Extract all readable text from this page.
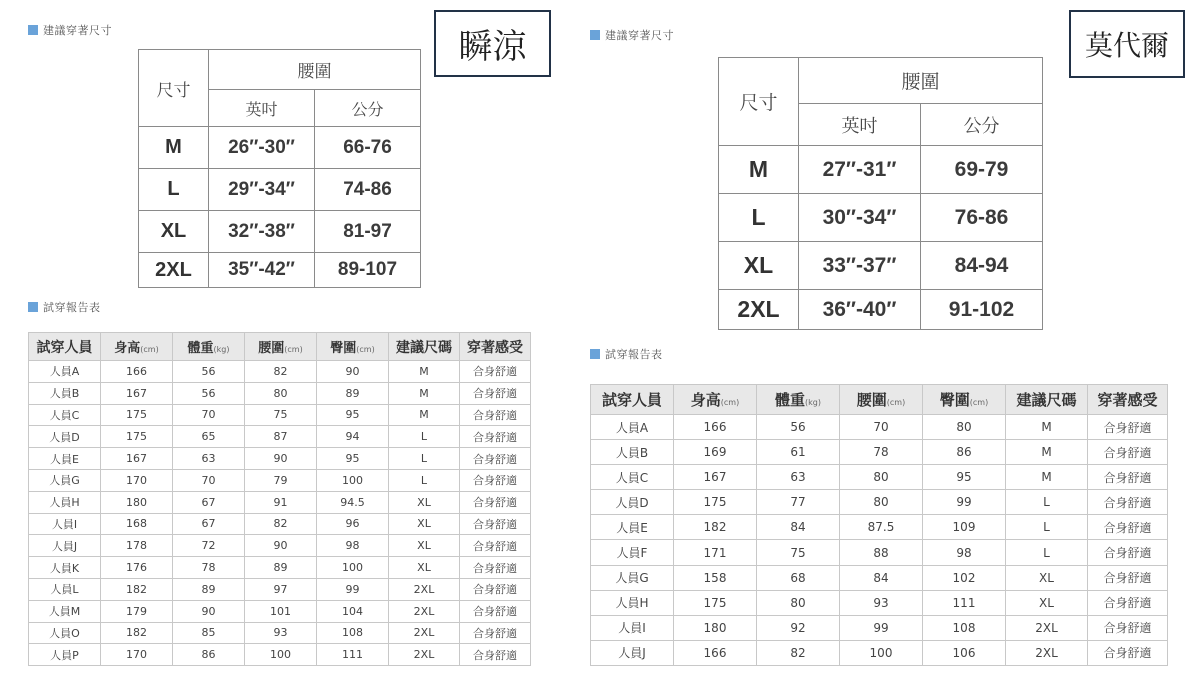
建議穿著尺寸	瞬涼
尺寸	腰圍	
	英吋	公分
M	26″-30″	66-76
L	29″-34″	74-86
XL	32″-38″	81-97
2XL	35″-42″	89-107
試穿報告表
試穿人員	身高(cm)	體重(kg)	腰圍(cm)	臀圍(cm)	建議尺碼	穿著感受
人員A	166	56	82	90	M	合身舒適
人員B	167	56	80	89	M	合身舒適
人員C	175	70	75	95	M	合身舒適
人員D	175	65	87	94	L	合身舒適
人員E	167	63	90	95	L	合身舒適
人員G	170	70	79	100	L	合身舒適
人員H	180	67	91	94.5	XL	合身舒適
人員I	168	67	82	96	XL	合身舒適
人員J	178	72	90	98	XL	合身舒適
人員K	176	78	89	100	XL	合身舒適
人員L	182	89	97	99	2XL	合身舒適
人員M	179	90	101	104	2XL	合身舒適
人員O	182	85	93	108	2XL	合身舒適
人員P	170	86	100	111	2XL	合身舒適
建議穿著尺寸	莫代爾
尺寸	腰圍	
	英吋	公分
M	27″-31″	69-79
L	30″-34″	76-86
XL	33″-37″	84-94
2XL	36″-40″	91-102
試穿報告表
試穿人員	身高(cm)	體重(kg)	腰圍(cm)	臀圍(cm)	建議尺碼	穿著感受
人員A	166	56	70	80	M	合身舒適
人員B	169	61	78	86	M	合身舒適
人員C	167	63	80	95	M	合身舒適
人員D	175	77	80	99	L	合身舒適
人員E	182	84	87.5	109	L	合身舒適
人員F	171	75	88	98	L	合身舒適
人員G	158	68	84	102	XL	合身舒適
人員H	175	80	93	111	XL	合身舒適
人員I	180	92	99	108	2XL	合身舒適
人員J	166	82	100	106	2XL	合身舒適
